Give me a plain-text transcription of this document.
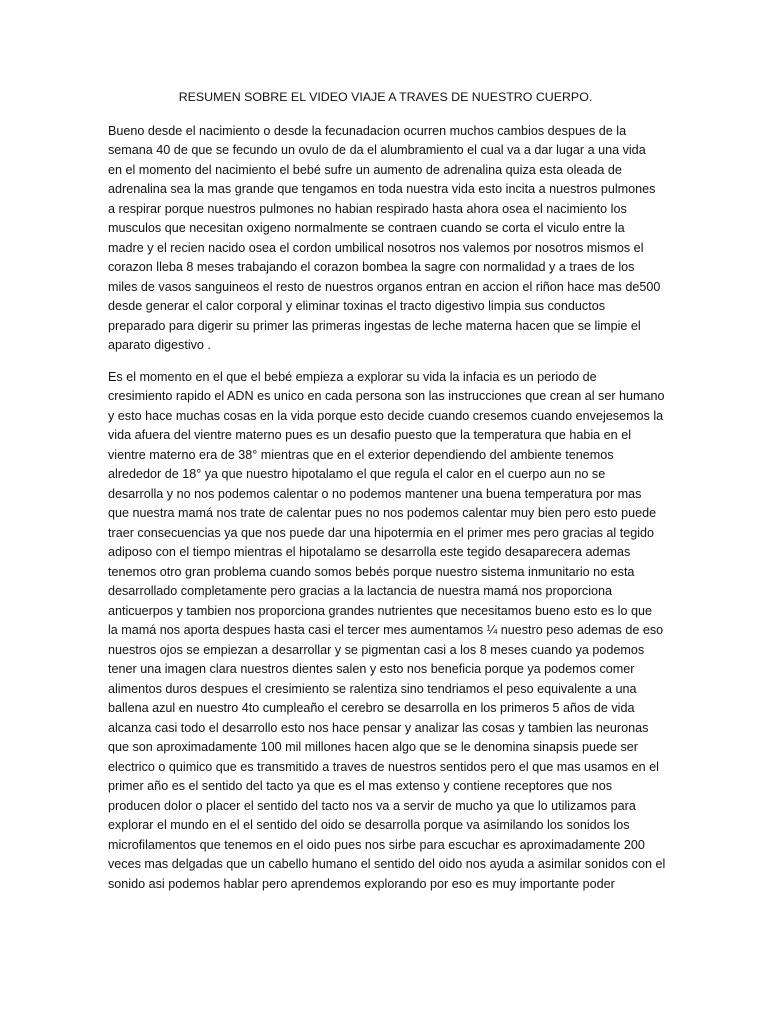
RESUMEN SOBRE EL VIDEO VIAJE A TRAVES DE NUESTRO CUERPO.
Bueno desde el nacimiento o desde la fecunadacion ocurren muchos cambios despues de la
semana 40 de que se fecundo un ovulo de da el alumbramiento el cual va a dar lugar a una vida
en el momento del nacimiento el bebé sufre un aumento de adrenalina quiza esta oleada de
adrenalina sea la mas grande que tengamos en toda nuestra vida esto incita a nuestros pulmones
a respirar porque nuestros pulmones no habian respirado hasta ahora osea el nacimiento los
musculos que necesitan oxigeno normalmente se contraen cuando se corta el viculo entre la
madre y el recien nacido osea el cordon umbilical nosotros nos valemos por nosotros mismos el
corazon lleba 8 meses trabajando el corazon bombea la sagre con normalidad y a traes de los
miles de vasos sanguineos el resto de nuestros organos entran en accion el riñon hace mas de500
desde generar el calor corporal y eliminar toxinas el tracto digestivo limpia sus conductos
preparado para digerir su primer las primeras ingestas de leche materna hacen que se limpie el
aparato digestivo .
Es el momento en el que el bebé empieza a explorar su vida la infacia es un periodo de
cresimiento rapido el ADN es unico en cada persona son las instrucciones que crean al ser humano
y esto hace muchas cosas en la vida porque esto decide cuando cresemos cuando envejesemos la
vida afuera del vientre materno pues es un desafio puesto que la temperatura que habia en el
vientre materno era de 38° mientras que en el exterior dependiendo del ambiente tenemos
alrededor de 18° ya que nuestro hipotalamo el que regula el calor en el cuerpo aun no se
desarrolla y no nos podemos calentar o no podemos mantener una buena temperatura por mas
que nuestra mamá nos trate de calentar pues no nos podemos calentar muy bien pero esto puede
traer consecuencias ya que nos puede dar una hipotermia en el primer mes pero gracias al tegido
adiposo con el tiempo mientras el hipotalamo se desarrolla este tegido desaparecera ademas
tenemos otro gran problema cuando somos bebés porque nuestro sistema inmunitario no esta
desarrollado completamente pero gracias a la lactancia de nuestra mamá nos proporciona
anticuerpos y tambien nos proporciona grandes nutrientes que necesitamos bueno esto es lo que
la mamá nos aporta despues hasta casi el tercer mes aumentamos ¼ nuestro peso ademas de eso
nuestros ojos se empiezan a desarrollar y se pigmentan casi a los 8 meses cuando ya podemos
tener una imagen clara nuestros dientes salen y esto nos beneficia porque ya podemos comer
alimentos duros despues el cresimiento se ralentiza sino tendriamos el peso equivalente a una
ballena azul en nuestro 4to cumpleaño el cerebro se desarrolla en los primeros 5 años de vida
alcanza casi todo el desarrollo esto nos hace pensar y analizar las cosas y tambien las neuronas
que son aproximadamente 100 mil millones hacen algo que se le denomina sinapsis puede ser
electrico o quimico que es transmitido a traves de nuestros sentidos pero el que mas usamos en el
primer año es el sentido del tacto ya que es el mas extenso y contiene receptores que nos
producen dolor o placer el sentido del tacto nos va a servir de mucho ya que lo utilizamos para
explorar el mundo en el el sentido del oido se desarrolla porque va asimilando los sonidos los
microfilamentos que tenemos en el oido pues nos sirbe para escuchar es aproximadamente 200
veces mas delgadas que un cabello humano el sentido del oido nos ayuda a asimilar sonidos con el
sonido asi podemos hablar pero aprendemos explorando por eso es muy importante poder
